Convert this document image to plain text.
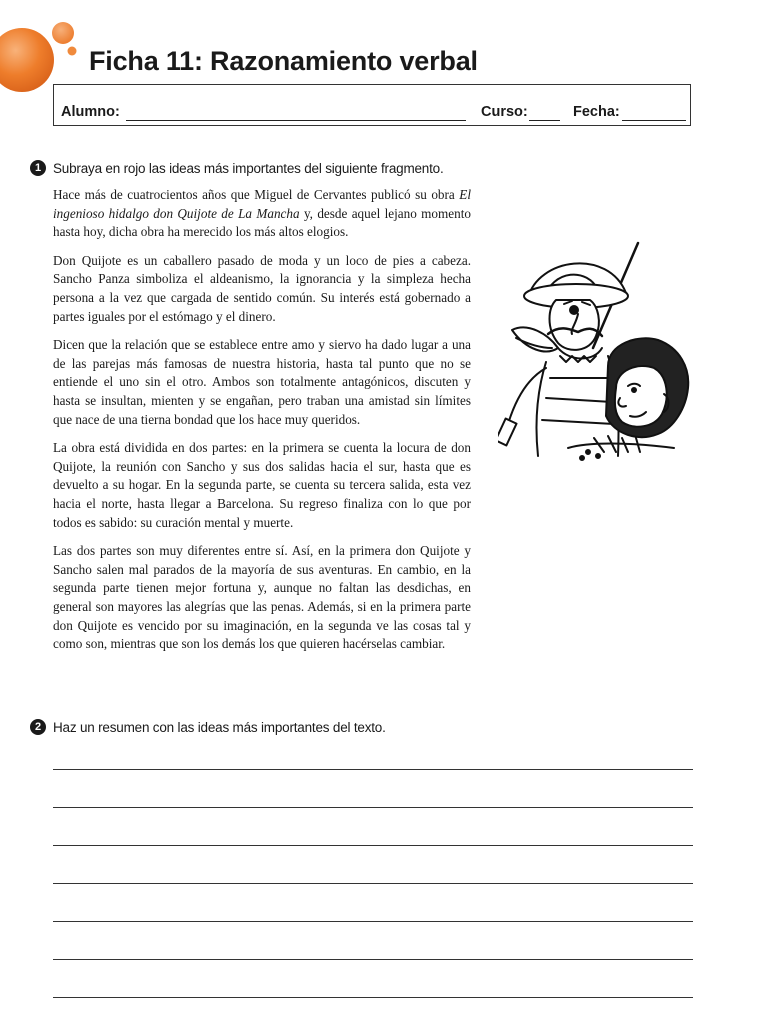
Ficha 11: Razonamiento verbal
Alumno:	Curso:	Fecha:
1 Subraya en rojo las ideas más importantes del siguiente fragmento.

Hace más de cuatrocientos años que Miguel de Cervantes publicó su obra El ingenioso hidalgo don Quijote de La Mancha y, desde aquel lejano momento hasta hoy, dicha obra ha merecido los más altos elogios.

Don Quijote es un caballero pasado de moda y un loco de pies a cabeza. Sancho Panza simboliza el aldeanismo, la ignorancia y la simpleza hecha persona a la vez que cargada de sentido común. Su interés está gobernado a partes iguales por el estómago y el dinero.

Dicen que la relación que se establece entre amo y siervo ha dado lugar a una de las parejas más famosas de nuestra historia, hasta tal punto que no se entiende el uno sin el otro. Ambos son totalmente antagónicos, discuten y hasta se insultan, mienten y se engañan, pero traban una amistad sin límites que nace de una tierna bondad que los hace muy queridos.

La obra está dividida en dos partes: en la primera se cuenta la locura de don Quijote, la reunión con Sancho y sus dos salidas hacia el sur, hasta que es devuelto a su hogar. En la segunda parte, se cuenta su tercera salida, esta vez hacia el norte, hasta llegar a Barcelona. Su regreso finaliza con lo que por todos es sabido: su curación mental y muerte.

Las dos partes son muy diferentes entre sí. Así, en la primera don Quijote y Sancho salen mal parados de la mayoría de sus aventuras. En cambio, en la segunda parte tienen mejor fortuna y, aunque no faltan las desdichas, en general son mayores las alegrías que las penas. Además, si en la primera parte don Quijote es vencido por su imaginación, en la segunda ve las cosas tal y como son, mientras que son los demás los que quieren hacérselas cambiar.

2 Haz un resumen con las ideas más importantes del texto.
